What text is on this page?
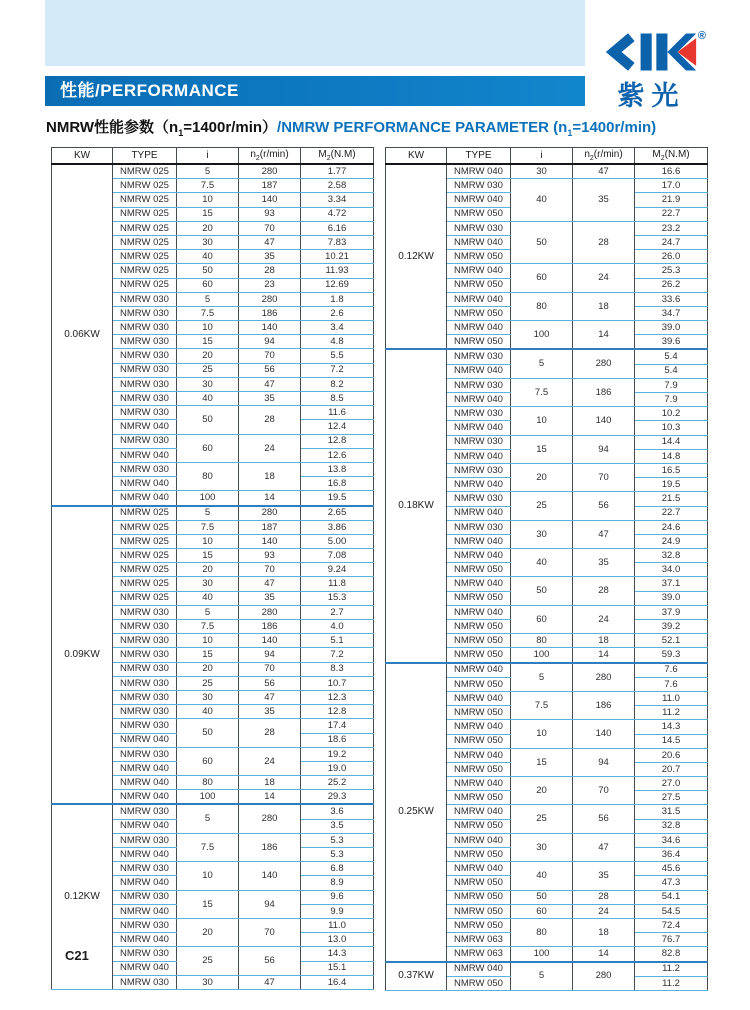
性能/PERFORMANCE
®
紫光
NMRW性能参数$(n_1=1400r/\min)$/NMRW PERFORMANCE PARAMETER $(n_1=1400r/\min)$
KW	TYPE	i	$n_2(r/\min)$	$M_2(N.M)$
0.06KW	NMRW 025	5	280	1.77
	NMRW 025	7.5	187	2.58
	NMRW 025	10	140	3.34
	NMRW 025	15	93	4.72
	NMRW 025	20	70	6.16
	NMRW 025	30	47	7.83
	NMRW 025	40	35	10.21
	NMRW 025	50	28	11.93
	NMRW 025	60	23	12.69
	NMRW 030	5	280	1.8
	NMRW 030	7.5	186	2.6
	NMRW 030	10	140	3.4
	NMRW 030	15	94	4.8
	NMRW 030	20	70	5.5
	NMRW 030	25	56	7.2
	NMRW 030	30	47	8.2
	NMRW 030	40	35	8.5
	NMRW 030	50	28	11.6
	NMRW 040			12.4
	NMRW 030	60	24	12.8
	NMRW 040			12.6
	NMRW 030	80	18	13.8
	NMRW 040			16.8
	NMRW 040	100	14	19.5
0.09KW	NMRW 025	5	280	2.65
	NMRW 025	7.5	187	3.86
	NMRW 025	10	140	5.00
	NMRW 025	15	93	7.08
	NMRW 025	20	70	9.24
	NMRW 025	30	47	11.8
	NMRW 025	40	35	15.3
	NMRW 030	5	280	2.7
	NMRW 030	7.5	186	4.0
	NMRW 030	10	140	5.1
	NMRW 030	15	94	7.2
	NMRW 030	20	70	8.3
	NMRW 030	25	56	10.7
	NMRW 030	30	47	12.3
	NMRW 030	40	35	12.8
	NMRW 030	50	28	17.4
	NMRW 040			18.6
	NMRW 030	60	24	19.2
	NMRW 040			19.0
	NMRW 040	80	18	25.2
	NMRW 040	100	14	29.3
0.12KW	NMRW 030	5	280	3.6
	NMRW 040			3.5
	NMRW 030	7.5	186	5.3
	NMRW 040			5.3
	NMRW 030	10	140	6.8
	NMRW 040			8.9
	NMRW 030	15	94	9.6
	NMRW 040			9.9
	NMRW 030	20	70	11.0
	NMRW 040			13.0
	NMRW 030	25	56	14.3
	NMRW 040			15.1
	NMRW 030	30	47	16.4
KW	TYPE	i	$n_2(r/\min)$	$M_2(N.M)$
0.12KW	NMRW 040	30	47	16.6
	NMRW 030	40	35	17.0
	NMRW 040			21.9
	NMRW 050			22.7
	NMRW 030	50	28	23.2
	NMRW 040			24.7
	NMRW 050			26.0
	NMRW 040	60	24	25.3
	NMRW 050			26.2
	NMRW 040	80	18	33.6
	NMRW 050			34.7
	NMRW 040	100	14	39.0
	NMRW 050			39.6
0.18KW	NMRW 030	5	280	5.4
	NMRW 040			5.4
	NMRW 030	7.5	186	7.9
	NMRW 040			7.9
	NMRW 030	10	140	10.2
	NMRW 040			10.3
	NMRW 030	15	94	14.4
	NMRW 040			14.8
	NMRW 030	20	70	16.5
	NMRW 040			19.5
	NMRW 030	25	56	21.5
	NMRW 040			22.7
	NMRW 030	30	47	24.6
	NMRW 040			24.9
	NMRW 040	40	35	32.8
	NMRW 050			34.0
	NMRW 040	50	28	37.1
	NMRW 050			39.0
	NMRW 040	60	24	37.9
	NMRW 050			39.2
	NMRW 050	80	18	52.1
	NMRW 050	100	14	59.3
0.25KW	NMRW 040	5	280	7.6
	NMRW 050			7.6
	NMRW 040	7.5	186	11.0
	NMRW 050			11.2
	NMRW 040	10	140	14.3
	NMRW 050			14.5
	NMRW 040	15	94	20.6
	NMRW 050			20.7
	NMRW 040	20	70	27.0
	NMRW 050			27.5
	NMRW 040	25	56	31.5
	NMRW 050			32.8
	NMRW 040	30	47	34.6
	NMRW 050			36.4
	NMRW 040	40	35	45.6
	NMRW 050			47.3
	NMRW 050	50	28	54.1
	NMRW 050	60	24	54.5
	NMRW 050	80	18	72.4
	NMRW 063			76.7
	NMRW 063	100	14	82.8
0.37KW	NMRW 040	5	280	11.2
	NMRW 050			11.2
C21
